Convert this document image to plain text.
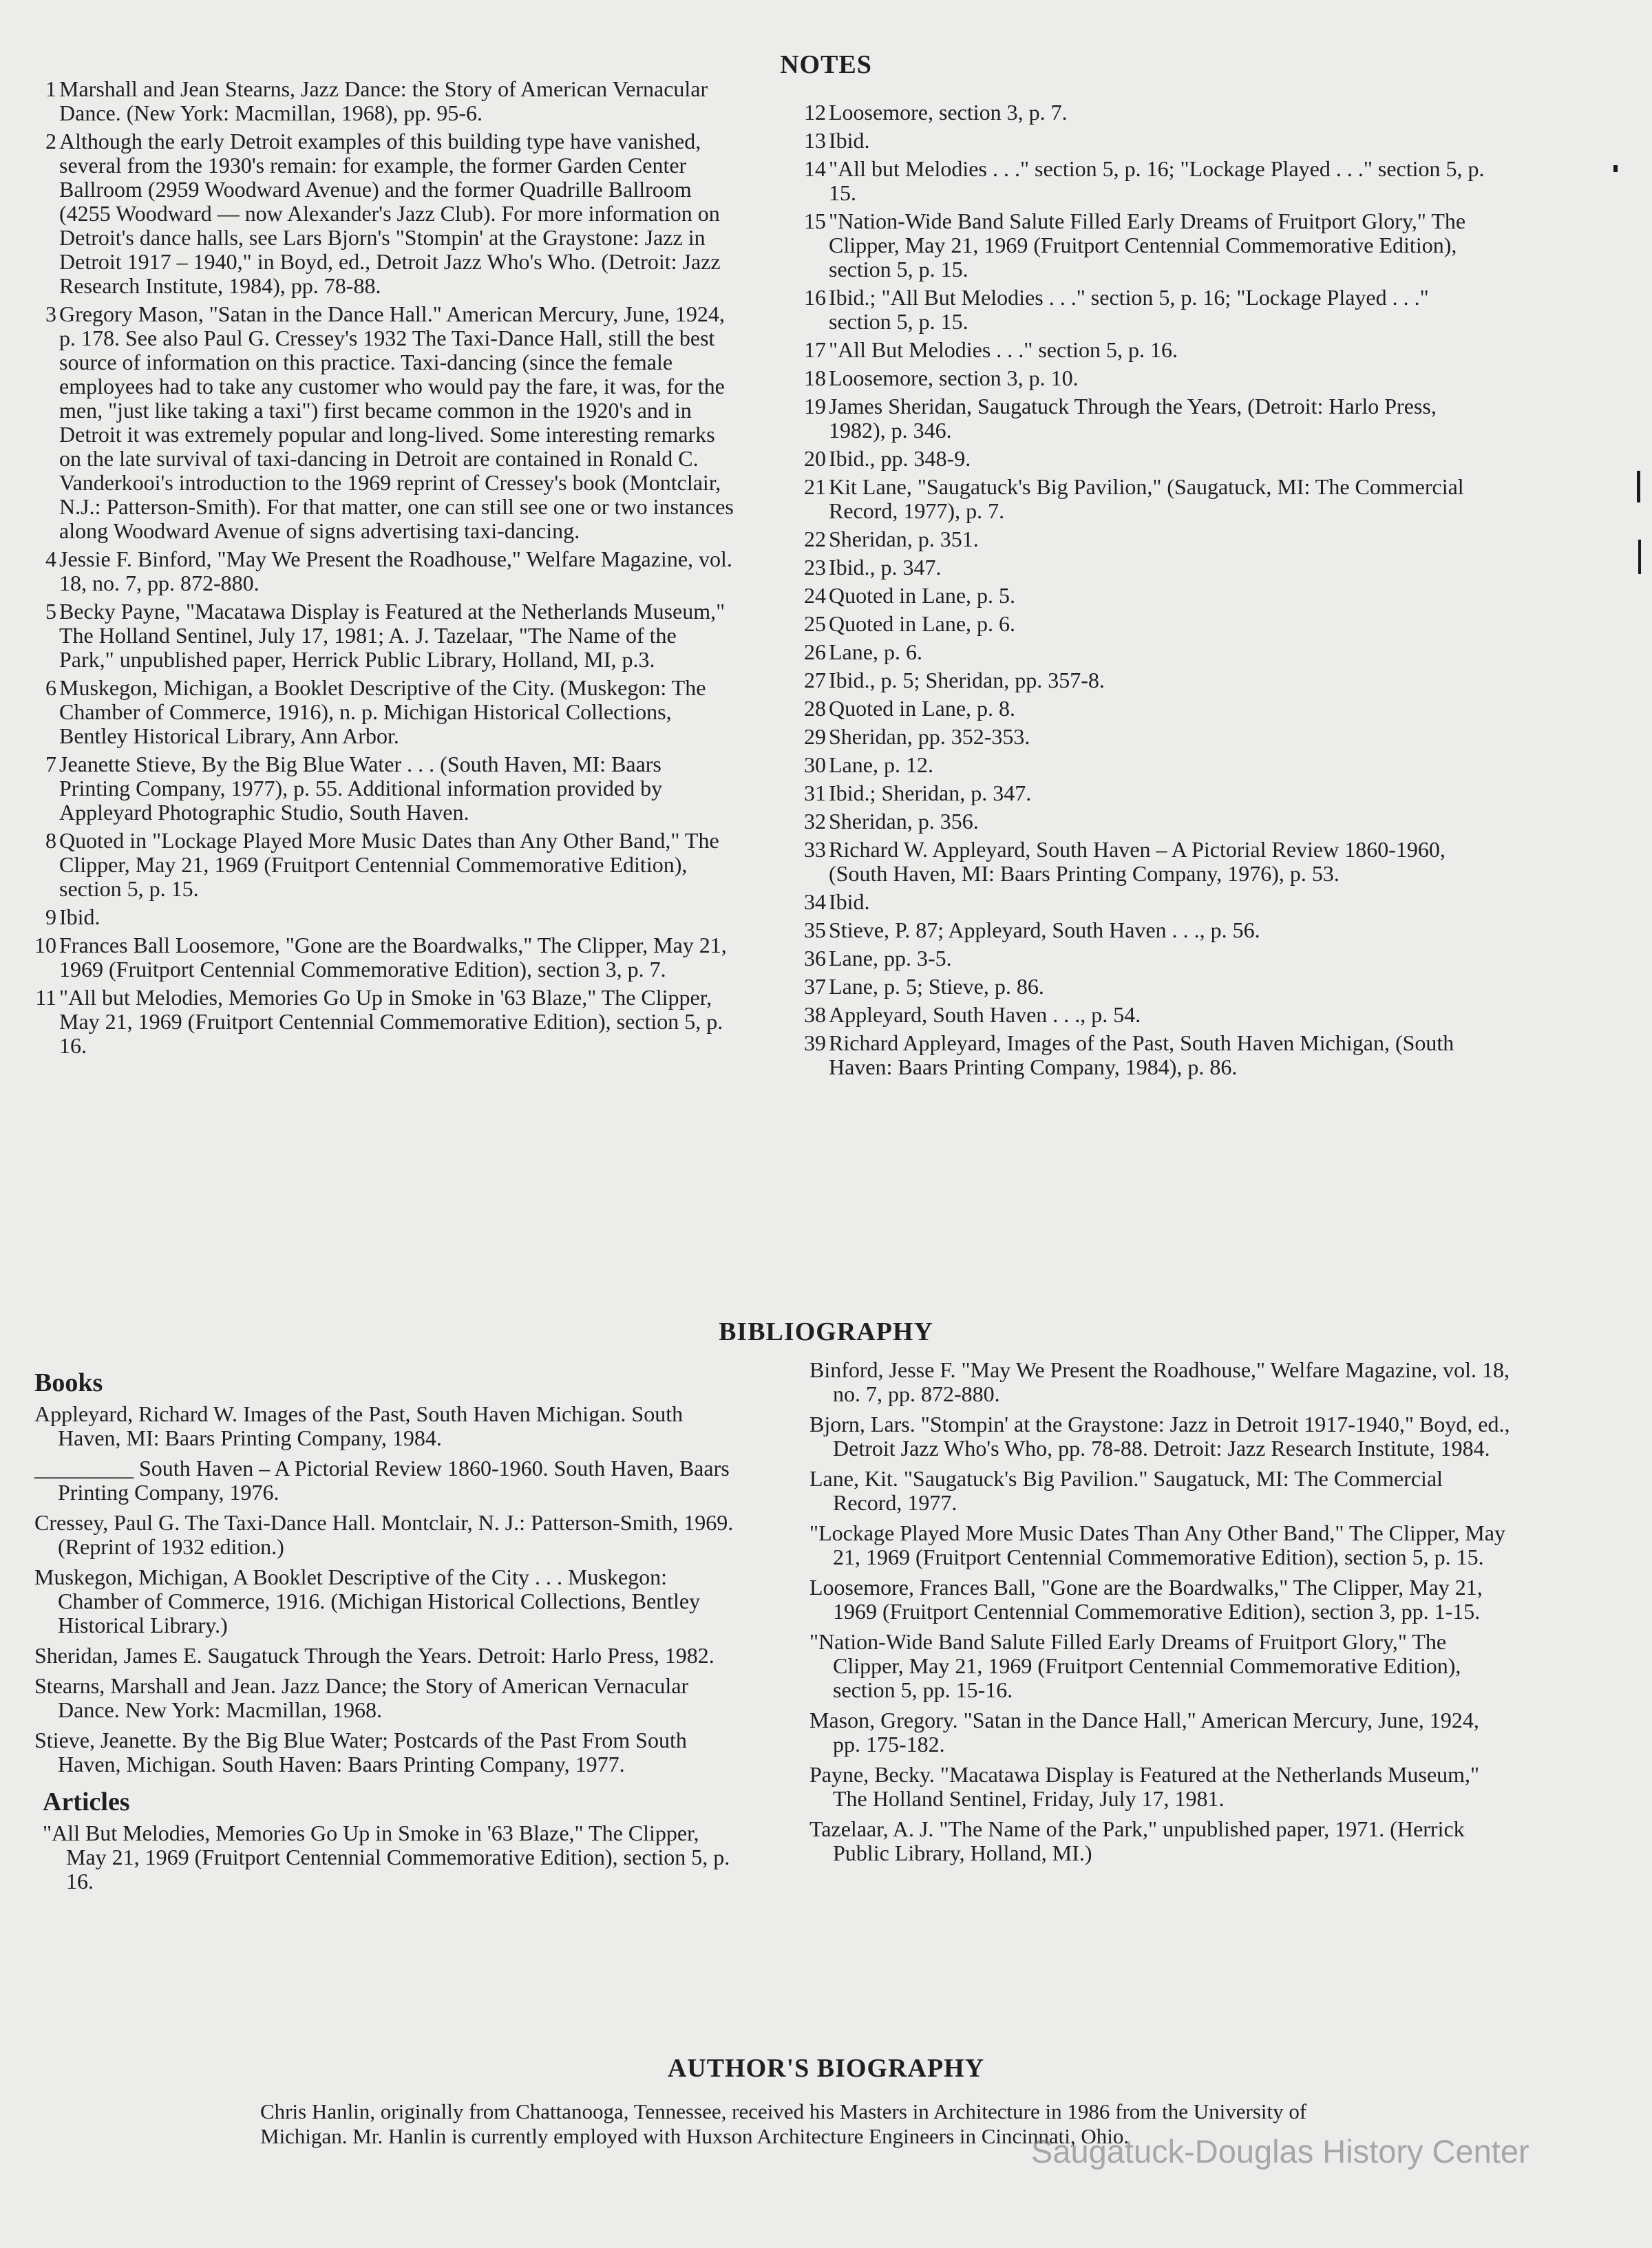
NOTES
1 Marshall and Jean Stearns, Jazz Dance: the Story of American Vernacular Dance. (New York: Macmillan, 1968), pp. 95-6.
2 Although the early Detroit examples of this building type have vanished, several from the 1930's remain: for example, the former Garden Center Ballroom (2959 Woodward Avenue) and the former Quadrille Ballroom (4255 Woodward — now Alexander's Jazz Club). For more information on Detroit's dance halls, see Lars Bjorn's "Stompin' at the Graystone: Jazz in Detroit 1917 – 1940," in Boyd, ed., Detroit Jazz Who's Who. (Detroit: Jazz Research Institute, 1984), pp. 78-88.
3 Gregory Mason, "Satan in the Dance Hall." American Mercury, June, 1924, p. 178. See also Paul G. Cressey's 1932 The Taxi-Dance Hall, still the best source of information on this practice. Taxi-dancing (since the female employees had to take any customer who would pay the fare, it was, for the men, "just like taking a taxi") first became common in the 1920's and in Detroit it was extremely popular and long-lived. Some interesting remarks on the late survival of taxi-dancing in Detroit are contained in Ronald C. Vanderkooi's introduction to the 1969 reprint of Cressey's book (Montclair, N.J.: Patterson-Smith). For that matter, one can still see one or two instances along Woodward Avenue of signs advertising taxi-dancing.
4 Jessie F. Binford, "May We Present the Roadhouse," Welfare Magazine, vol. 18, no. 7, pp. 872-880.
5 Becky Payne, "Macatawa Display is Featured at the Netherlands Museum," The Holland Sentinel, July 17, 1981; A. J. Tazelaar, "The Name of the Park," unpublished paper, Herrick Public Library, Holland, MI, p.3.
6 Muskegon, Michigan, a Booklet Descriptive of the City. (Muskegon: The Chamber of Commerce, 1916), n. p. Michigan Historical Collections, Bentley Historical Library, Ann Arbor.
7 Jeanette Stieve, By the Big Blue Water . . . (South Haven, MI: Baars Printing Company, 1977), p. 55. Additional information provided by Appleyard Photographic Studio, South Haven.
8 Quoted in "Lockage Played More Music Dates than Any Other Band," The Clipper, May 21, 1969 (Fruitport Centennial Commemorative Edition), section 5, p. 15.
9 Ibid.
10 Frances Ball Loosemore, "Gone are the Boardwalks," The Clipper, May 21, 1969 (Fruitport Centennial Commemorative Edition), section 3, p. 7.
11 "All but Melodies, Memories Go Up in Smoke in '63 Blaze," The Clipper, May 21, 1969 (Fruitport Centennial Commemorative Edition), section 5, p. 16.
12 Loosemore, section 3, p. 7.
13 Ibid.
14 "All but Melodies . . ." section 5, p. 16; "Lockage Played . . ." section 5, p. 15.
15 "Nation-Wide Band Salute Filled Early Dreams of Fruitport Glory," The Clipper, May 21, 1969 (Fruitport Centennial Commemorative Edition), section 5, p. 15.
16 Ibid.; "All But Melodies . . ." section 5, p. 16; "Lockage Played . . ." section 5, p. 15.
17 "All But Melodies . . ." section 5, p. 16.
18 Loosemore, section 3, p. 10.
19 James Sheridan, Saugatuck Through the Years, (Detroit: Harlo Press, 1982), p. 346.
20 Ibid., pp. 348-9.
21 Kit Lane, "Saugatuck's Big Pavilion," (Saugatuck, MI: The Commercial Record, 1977), p. 7.
22 Sheridan, p. 351.
23 Ibid., p. 347.
24 Quoted in Lane, p. 5.
25 Quoted in Lane, p. 6.
26 Lane, p. 6.
27 Ibid., p. 5; Sheridan, pp. 357-8.
28 Quoted in Lane, p. 8.
29 Sheridan, pp. 352-353.
30 Lane, p. 12.
31 Ibid.; Sheridan, p. 347.
32 Sheridan, p. 356.
33 Richard W. Appleyard, South Haven – A Pictorial Review 1860-1960, (South Haven, MI: Baars Printing Company, 1976), p. 53.
34 Ibid.
35 Stieve, P. 87; Appleyard, South Haven . . ., p. 56.
36 Lane, pp. 3-5.
37 Lane, p. 5; Stieve, p. 86.
38 Appleyard, South Haven . . ., p. 54.
39 Richard Appleyard, Images of the Past, South Haven Michigan, (South Haven: Baars Printing Company, 1984), p. 86.
BIBLIOGRAPHY
Books
Appleyard, Richard W. Images of the Past, South Haven Michigan. South Haven, MI: Baars Printing Company, 1984.
_________ South Haven – A Pictorial Review 1860-1960. South Haven, Baars Printing Company, 1976.
Cressey, Paul G. The Taxi-Dance Hall. Montclair, N. J.: Patterson-Smith, 1969. (Reprint of 1932 edition.)
Muskegon, Michigan, A Booklet Descriptive of the City . . . Muskegon: Chamber of Commerce, 1916. (Michigan Historical Collections, Bentley Historical Library.)
Sheridan, James E. Saugatuck Through the Years. Detroit: Harlo Press, 1982.
Stearns, Marshall and Jean. Jazz Dance; the Story of American Vernacular Dance. New York: Macmillan, 1968.
Stieve, Jeanette. By the Big Blue Water; Postcards of the Past From South Haven, Michigan. South Haven: Baars Printing Company, 1977.
Articles
"All But Melodies, Memories Go Up in Smoke in '63 Blaze," The Clipper, May 21, 1969 (Fruitport Centennial Commemorative Edition), section 5, p. 16.
Binford, Jesse F. "May We Present the Roadhouse," Welfare Magazine, vol. 18, no. 7, pp. 872-880.
Bjorn, Lars. "Stompin' at the Graystone: Jazz in Detroit 1917-1940," Boyd, ed., Detroit Jazz Who's Who, pp. 78-88. Detroit: Jazz Research Institute, 1984.
Lane, Kit. "Saugatuck's Big Pavilion." Saugatuck, MI: The Commercial Record, 1977.
"Lockage Played More Music Dates Than Any Other Band," The Clipper, May 21, 1969 (Fruitport Centennial Commemorative Edition), section 5, p. 15.
Loosemore, Frances Ball, "Gone are the Boardwalks," The Clipper, May 21, 1969 (Fruitport Centennial Commemorative Edition), section 3, pp. 1-15.
"Nation-Wide Band Salute Filled Early Dreams of Fruitport Glory," The Clipper, May 21, 1969 (Fruitport Centennial Commemorative Edition), section 5, pp. 15-16.
Mason, Gregory. "Satan in the Dance Hall," American Mercury, June, 1924, pp. 175-182.
Payne, Becky. "Macatawa Display is Featured at the Netherlands Museum," The Holland Sentinel, Friday, July 17, 1981.
Tazelaar, A. J. "The Name of the Park," unpublished paper, 1971. (Herrick Public Library, Holland, MI.)
AUTHOR'S BIOGRAPHY
Chris Hanlin, originally from Chattanooga, Tennessee, received his Masters in Architecture in 1986 from the University of Michigan. Mr. Hanlin is currently employed with Huxson Architecture Engineers in Cincinnati, Ohio.
Saugatuck-Douglas History Center
